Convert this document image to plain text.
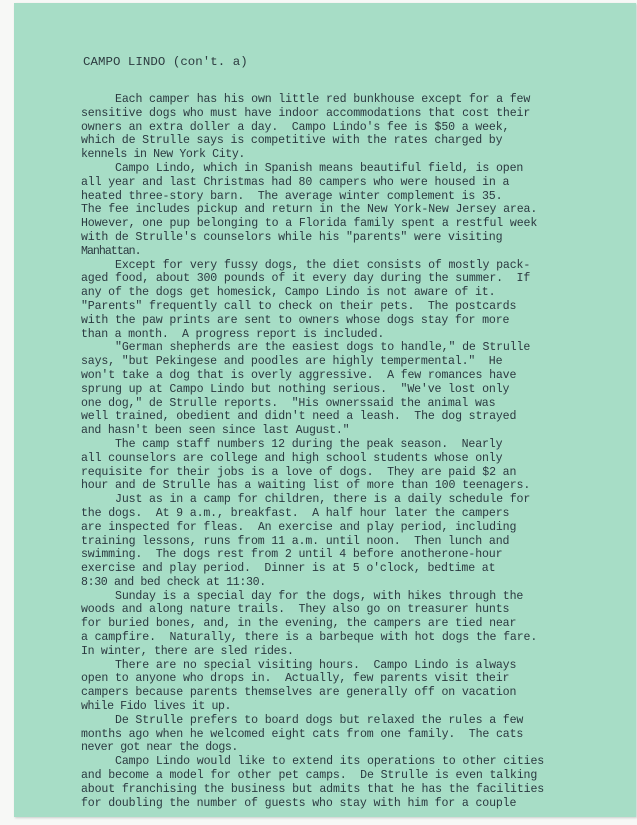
CAMPO LINDO (con't. a)
Each camper has his own little red bunkhouse except for a few
sensitive dogs who must have indoor accommodations that cost their
owners an extra doller a day.  Campo Lindo's fee is $50 a week,
which de Strulle says is competitive with the rates charged by
kennels in New York City.
Campo Lindo, which in Spanish means beautiful field, is open
all year and last Christmas had 80 campers who were housed in a
heated three-story barn.  The average winter complement is 35.
The fee includes pickup and return in the New York-New Jersey area.
However, one pup belonging to a Florida family spent a restful week
with de Strulle's counselors while his "parents" were visiting
Manhattan.
Except for very fussy dogs, the diet consists of mostly pack-
aged food, about 300 pounds of it every day during the summer.  If
any of the dogs get homesick, Campo Lindo is not aware of it.
"Parents" frequently call to check on their pets.  The postcards
with the paw prints are sent to owners whose dogs stay for more
than a month.  A progress report is included.
"German shepherds are the easiest dogs to handle," de Strulle
says, "but Pekingese and poodles are highly tempermental."  He
won't take a dog that is overly aggressive.  A few romances have
sprung up at Campo Lindo but nothing serious.  "We've lost only
one dog," de Strulle reports.  "His ownerssaid the animal was
well trained, obedient and didn't need a leash.  The dog strayed
and hasn't been seen since last August."
The camp staff numbers 12 during the peak season.  Nearly
all counselors are college and high school students whose only
requisite for their jobs is a love of dogs.  They are paid $2 an
hour and de Strulle has a waiting list of more than 100 teenagers.
Just as in a camp for children, there is a daily schedule for
the dogs.  At 9 a.m., breakfast.  A half hour later the campers
are inspected for fleas.  An exercise and play period, including
training lessons, runs from 11 a.m. until noon.  Then lunch and
swimming.  The dogs rest from 2 until 4 before anotherone-hour
exercise and play period.  Dinner is at 5 o'clock, bedtime at
8:30 and bed check at 11:30.
Sunday is a special day for the dogs, with hikes through the
woods and along nature trails.  They also go on treasurer hunts
for buried bones, and, in the evening, the campers are tied near
a campfire.  Naturally, there is a barbeque with hot dogs the fare.
In winter, there are sled rides.
There are no special visiting hours.  Campo Lindo is always
open to anyone who drops in.  Actually, few parents visit their
campers because parents themselves are generally off on vacation
while Fido lives it up.
De Strulle prefers to board dogs but relaxed the rules a few
months ago when he welcomed eight cats from one family.  The cats
never got near the dogs.
Campo Lindo would like to extend its operations to other cities
and become a model for other pet camps.  De Strulle is even talking
about franchising the business but admits that he has the facilities
for doubling the number of guests who stay with him for a couple
